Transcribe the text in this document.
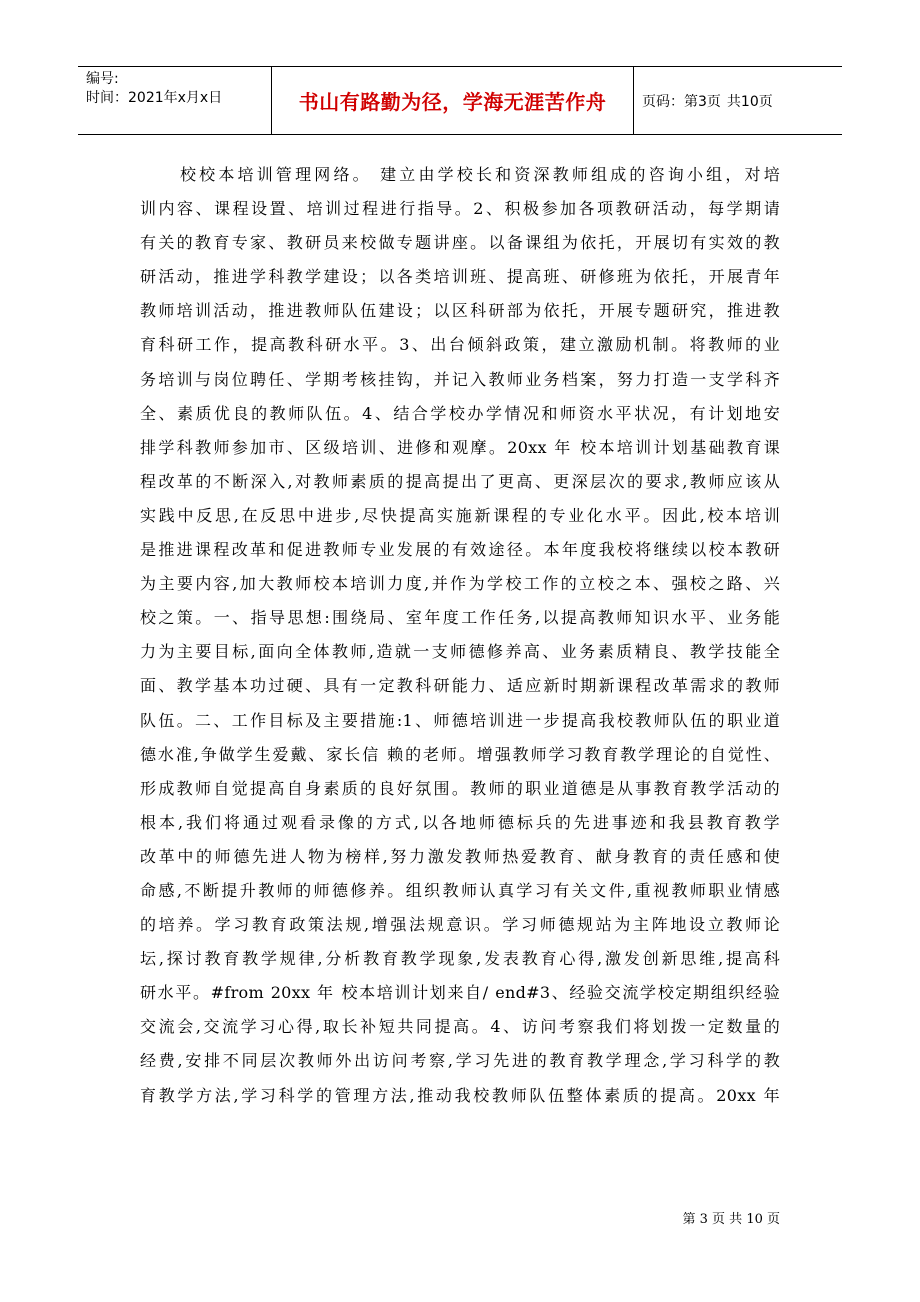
编号:
时间：2021年x月x日	书山有路勤为径，学海无涯苦作舟	页码：第3页 共10页
校校本培训管理网络。 建立由学校长和资深教师组成的咨询小组，对培
训内容、课程设置、培训过程进行指导。2、积极参加各项教研活动，每学期请
有关的教育专家、教研员来校做专题讲座。以备课组为依托，开展切有实效的教
研活动，推进学科教学建设；以各类培训班、提高班、研修班为依托，开展青年
教师培训活动，推进教师队伍建设；以区科研部为依托，开展专题研究，推进教
育科研工作，提高教科研水平。3、出台倾斜政策，建立激励机制。将教师的业
务培训与岗位聘任、学期考核挂钩，并记入教师业务档案，努力打造一支学科齐
全、素质优良的教师队伍。4、结合学校办学情况和师资水平状况，有计划地安
排学科教师参加市、区级培训、进修和观摩。20xx 年 校本培训计划基础教育课
程改革的不断深入,对教师素质的提高提出了更高、更深层次的要求,教师应该从
实践中反思,在反思中进步,尽快提高实施新课程的专业化水平。因此,校本培训
是推进课程改革和促进教师专业发展的有效途径。本年度我校将继续以校本教研
为主要内容,加大教师校本培训力度,并作为学校工作的立校之本、强校之路、兴
校之策。一、指导思想:围绕局、室年度工作任务,以提高教师知识水平、业务能
力为主要目标,面向全体教师,造就一支师德修养高、业务素质精良、教学技能全
面、教学基本功过硬、具有一定教科研能力、适应新时期新课程改革需求的教师
队伍。二、工作目标及主要措施:1、师德培训进一步提高我校教师队伍的职业道
德水准,争做学生爱戴、家长信 赖的老师。增强教师学习教育教学理论的自觉性、
形成教师自觉提高自身素质的良好氛围。教师的职业道德是从事教育教学活动的
根本,我们将通过观看录像的方式,以各地师德标兵的先进事迹和我县教育教学
改革中的师德先进人物为榜样,努力激发教师热爱教育、献身教育的责任感和使
命感,不断提升教师的师德修养。组织教师认真学习有关文件,重视教师职业情感
的培养。学习教育政策法规,增强法规意识。学习师德规站为主阵地设立教师论
坛,探讨教育教学规律,分析教育教学现象,发表教育心得,激发创新思维,提高科
研水平。#from 20xx 年 校本培训计划来自/ end#3、经验交流学校定期组织经验
交流会,交流学习心得,取长补短共同提高。4、访问考察我们将划拨一定数量的
经费,安排不同层次教师外出访问考察,学习先进的教育教学理念,学习科学的教
育教学方法,学习科学的管理方法,推动我校教师队伍整体素质的提高。20xx 年
第 3 页 共 10 页
